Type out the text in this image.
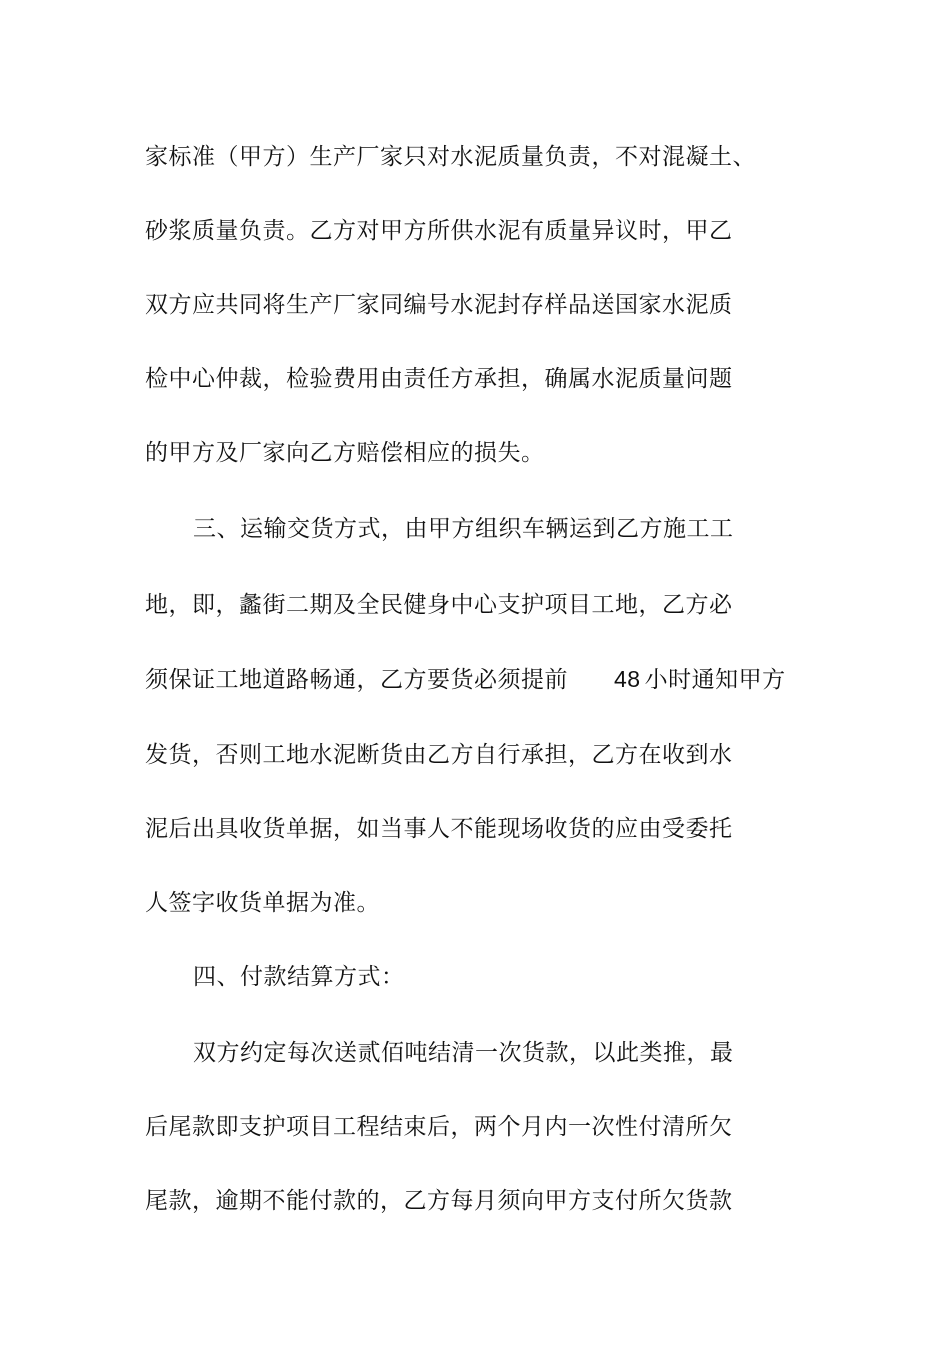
家标准（甲方）生产厂家只对水泥质量负责，不对混凝土、
砂浆质量负责。乙方对甲方所供水泥有质量异议时，甲乙
双方应共同将生产厂家同编号水泥封存样品送国家水泥质
检中心仲裁，检验费用由责任方承担，确属水泥质量问题
的甲方及厂家向乙方赔偿相应的损失。
三、运输交货方式，由甲方组织车辆运到乙方施工工
地，即，蠡街二期及全民健身中心支护项目工地，乙方必
须保证工地道路畅通，乙方要货必须提前 48 小时通知甲方
发货，否则工地水泥断货由乙方自行承担，乙方在收到水
泥后出具收货单据，如当事人不能现场收货的应由受委托
人签字收货单据为准。
四、付款结算方式：
双方约定每次送贰佰吨结清一次货款，以此类推，最
后尾款即支护项目工程结束后，两个月内一次性付清所欠
尾款，逾期不能付款的，乙方每月须向甲方支付所欠货款
